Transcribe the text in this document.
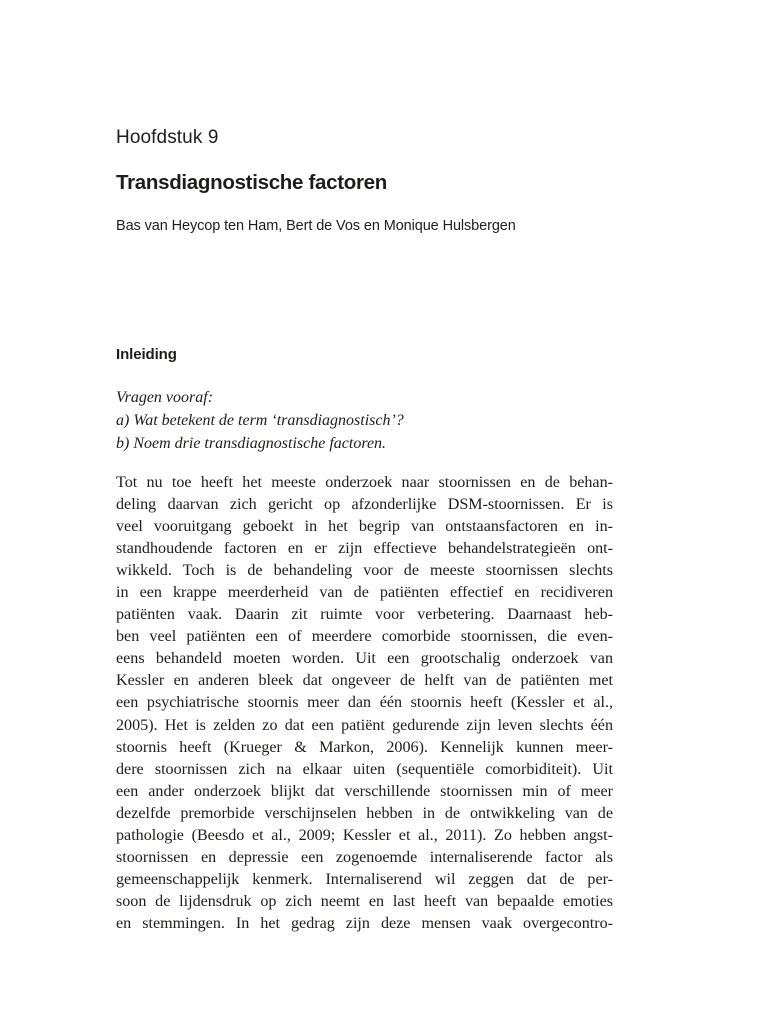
Hoofdstuk 9
Transdiagnostische factoren
Bas van Heycop ten Ham, Bert de Vos en Monique Hulsbergen
Inleiding
Vragen vooraf:
a) Wat betekent de term ‘transdiagnostisch’?
b) Noem drie transdiagnostische factoren.
Tot nu toe heeft het meeste onderzoek naar stoornissen en de behan-
deling daarvan zich gericht op afzonderlijke DSM-stoornissen. Er is
veel vooruitgang geboekt in het begrip van ontstaansfactoren en in-
standhoudende factoren en er zijn effectieve behandelstrategieën ont-
wikkeld. Toch is de behandeling voor de meeste stoornissen slechts
in een krappe meerderheid van de patiënten effectief en recidiveren
patiënten vaak. Daarin zit ruimte voor verbetering. Daarnaast heb-
ben veel patiënten een of meerdere comorbide stoornissen, die even-
eens behandeld moeten worden. Uit een grootschalig onderzoek van
Kessler en anderen bleek dat ongeveer de helft van de patiënten met
een psychiatrische stoornis meer dan één stoornis heeft (Kessler et al.,
2005). Het is zelden zo dat een patiënt gedurende zijn leven slechts één
stoornis heeft (Krueger & Markon, 2006). Kennelijk kunnen meer-
dere stoornissen zich na elkaar uiten (sequentiële comorbiditeit). Uit
een ander onderzoek blijkt dat verschillende stoornissen min of meer
dezelfde premorbide verschijnselen hebben in de ontwikkeling van de
pathologie (Beesdo et al., 2009; Kessler et al., 2011). Zo hebben angst-
stoornissen en depressie een zogenoemde internaliserende factor als
gemeenschappelijk kenmerk. Internaliserend wil zeggen dat de per-
soon de lijdensdruk op zich neemt en last heeft van bepaalde emoties
en stemmingen. In het gedrag zijn deze mensen vaak overgecontro-
